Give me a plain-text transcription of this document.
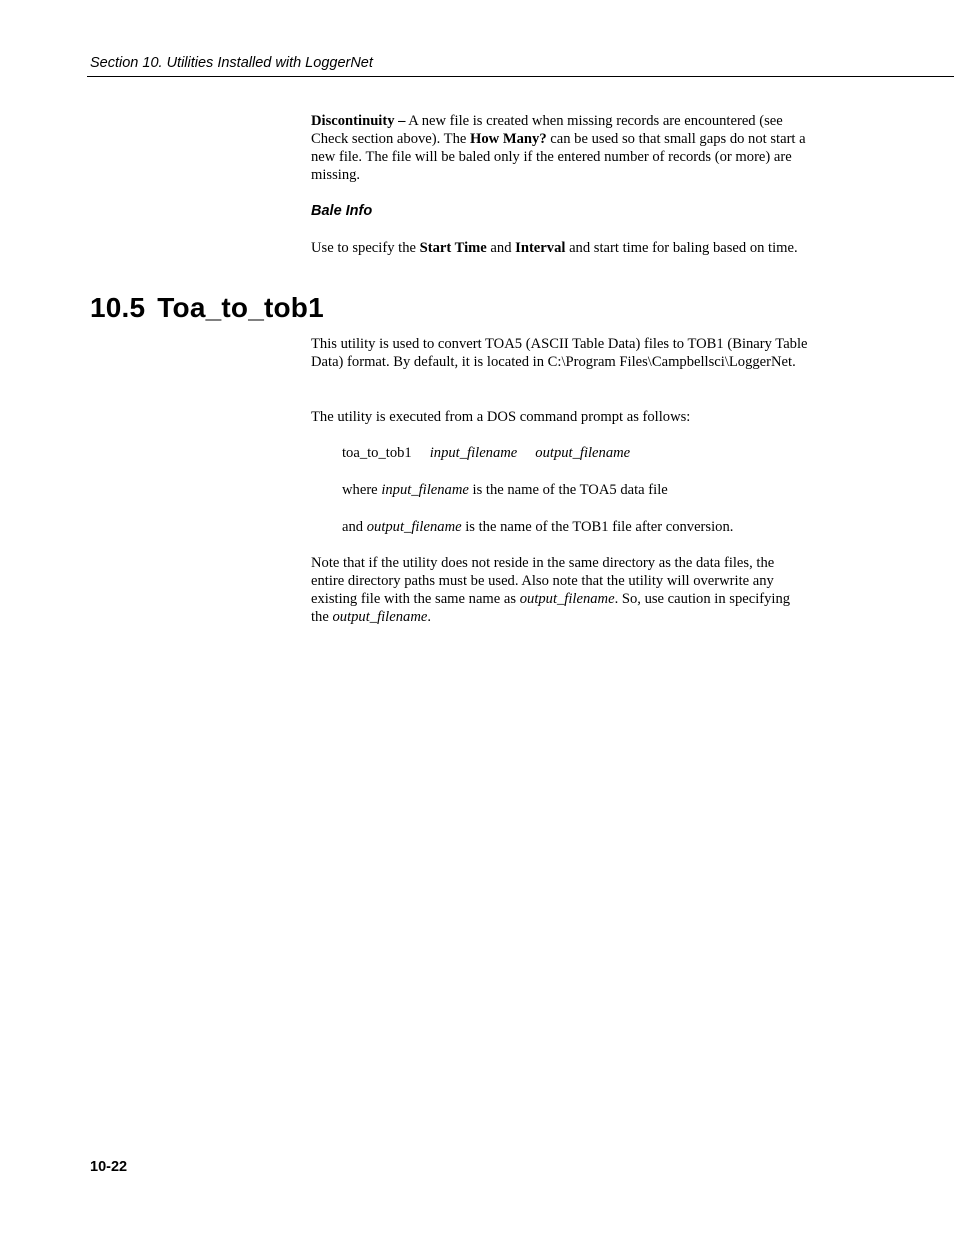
Section 10. Utilities Installed with LoggerNet

Discontinuity – A new file is created when missing records are encountered (see Check section above). The How Many? can be used so that small gaps do not start a new file. The file will be baled only if the entered number of records (or more) are missing.

Bale Info

Use to specify the Start Time and Interval and start time for baling based on time.

10.5 Toa_to_tob1

This utility is used to convert TOA5 (ASCII Table Data) files to TOB1 (Binary Table Data) format. By default, it is located in C:\Program Files\Campbellsci\LoggerNet.

The utility is executed from a DOS command prompt as follows:

toa_to_tob1 input_filename output_filename
where input_filename is the name of the TOA5 data file
and output_filename is the name of the TOB1 file after conversion.

Note that if the utility does not reside in the same directory as the data files, the entire directory paths must be used. Also note that the utility will overwrite any existing file with the same name as output_filename. So, use caution in specifying the output_filename.

10-22
